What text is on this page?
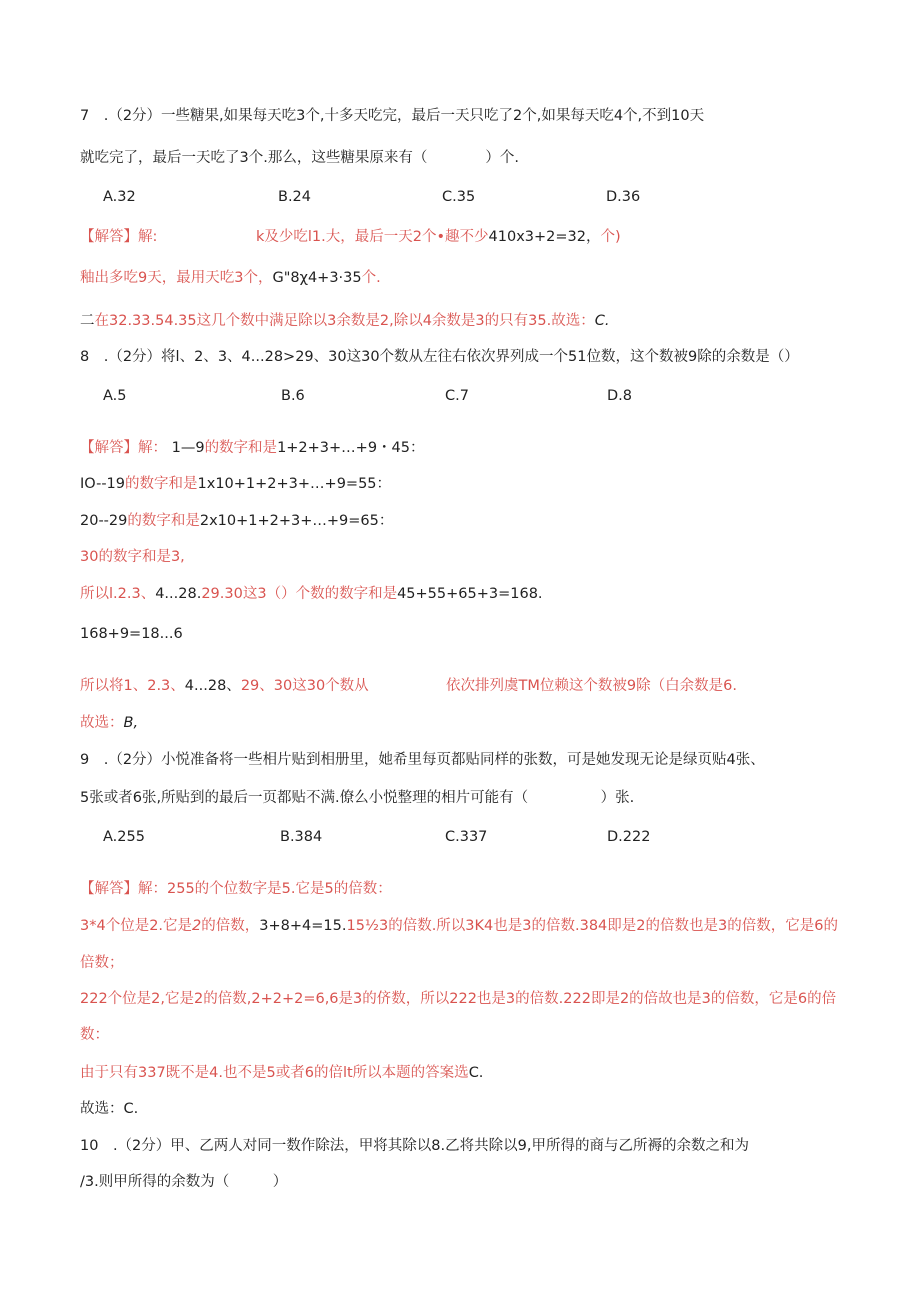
7　.（2分）一些糖果,如果每天吃3个,十多天吃完，最后一天只吃了2个,如果每天吃4个,不到10天
就吃完了，最后一天吃了3个.那么，这些糖果原来有（　　　　）个.
A.32	B.24	C.35	D.36
【解答】解:	k及少吃l1.大，最后一天2个•趣不少410x3+2=32，个)
釉出多吃9天，最用天吃3个，G"8χ4+3·35个.
二在32.33.54.35这几个数中满足除以3余数是2,除以4余数是3的只有35.故选：C.
8　.（2分）将l、2、3、4...28>29、30这30个数从左往右依次界列成一个51位数，这个数被9除的余数是（）
A.5	B.6	C.7	D.8
【解答】解： 1—9的数字和是1+2+3+…+9・45：
IO--19的数字和是1x10+1+2+3+…+9=55：
20--29的数字和是2x10+1+2+3+…+9=65：
30的数字和是3,
所以l.2.3、4...28.29.30这3（）个数的数字和是45+55+65+3=168.
168+9=18...6
所以将1、2.3、4...28、29、30这30个数从	依次排列虞TM位赖这个数被9除（白余数是6.
故选：B,
9　.（2分）小悦准备将一些相片贴到相册里，她希里每页都贴同样的张数，可是她发现无论是绿页贴4张、
5张或者6张,所贴到的最后一页都贴不满.僚么小悦整理的相片可能有（　　　　　）张.
A.255	B.384	C.337	D.222
【解答】解：255的个位数字是5.它是5的倍数：
3*4个位是2.它是2的倍数，3+8+4=15.15½3的倍数.所以3K4也是3的倍数.384即是2的倍数也是3的倍数，它是6的
倍数；
222个位是2,它是2的倍数,2+2+2=6,6是3的侪数，所以222也是3的倍数.222即是2的倍故也是3的倍数，它是6的倍
数：
由于只有337既不是4.也不是5或者6的倍lt所以本题的答案选C.
故选：C.
10　.（2分）甲、乙两人对同一数作除法，甲将其除以8.乙将共除以9,甲所得的商与乙所褥的余数之和为
/3.则甲所得的余数为（　　　）
